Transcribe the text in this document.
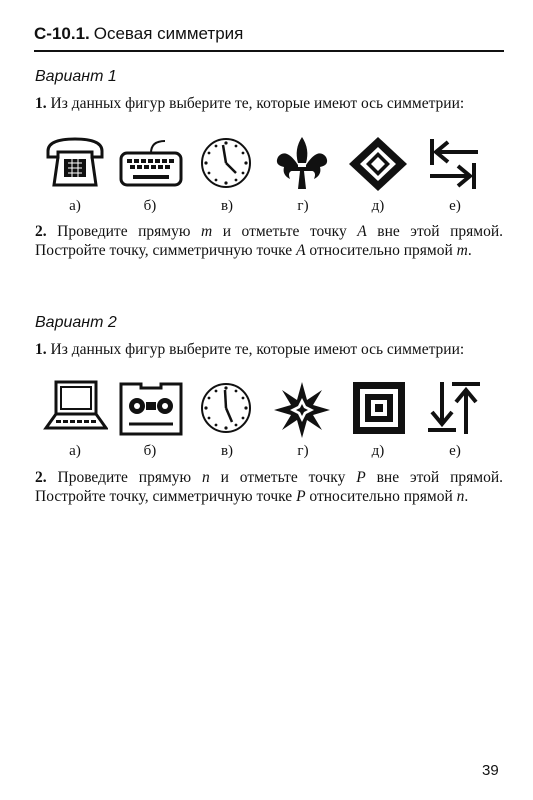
С-10.1. Осевая симметрия
Вариант 1
1. Из данных фигур выберите те, которые имеют ось симметрии:
а)	б)	в)	г)	д)	е)
2. Проведите прямую m и отметьте точку A вне этой прямой. Постройте точку, симметричную точке A относительно прямой m.
Вариант 2
1. Из данных фигур выберите те, которые имеют ось симметрии:
а)	б)	в)	г)	д)	е)
2. Проведите прямую n и отметьте точку P вне этой прямой. Постройте точку, симметричную точке P относительно прямой n.
39
